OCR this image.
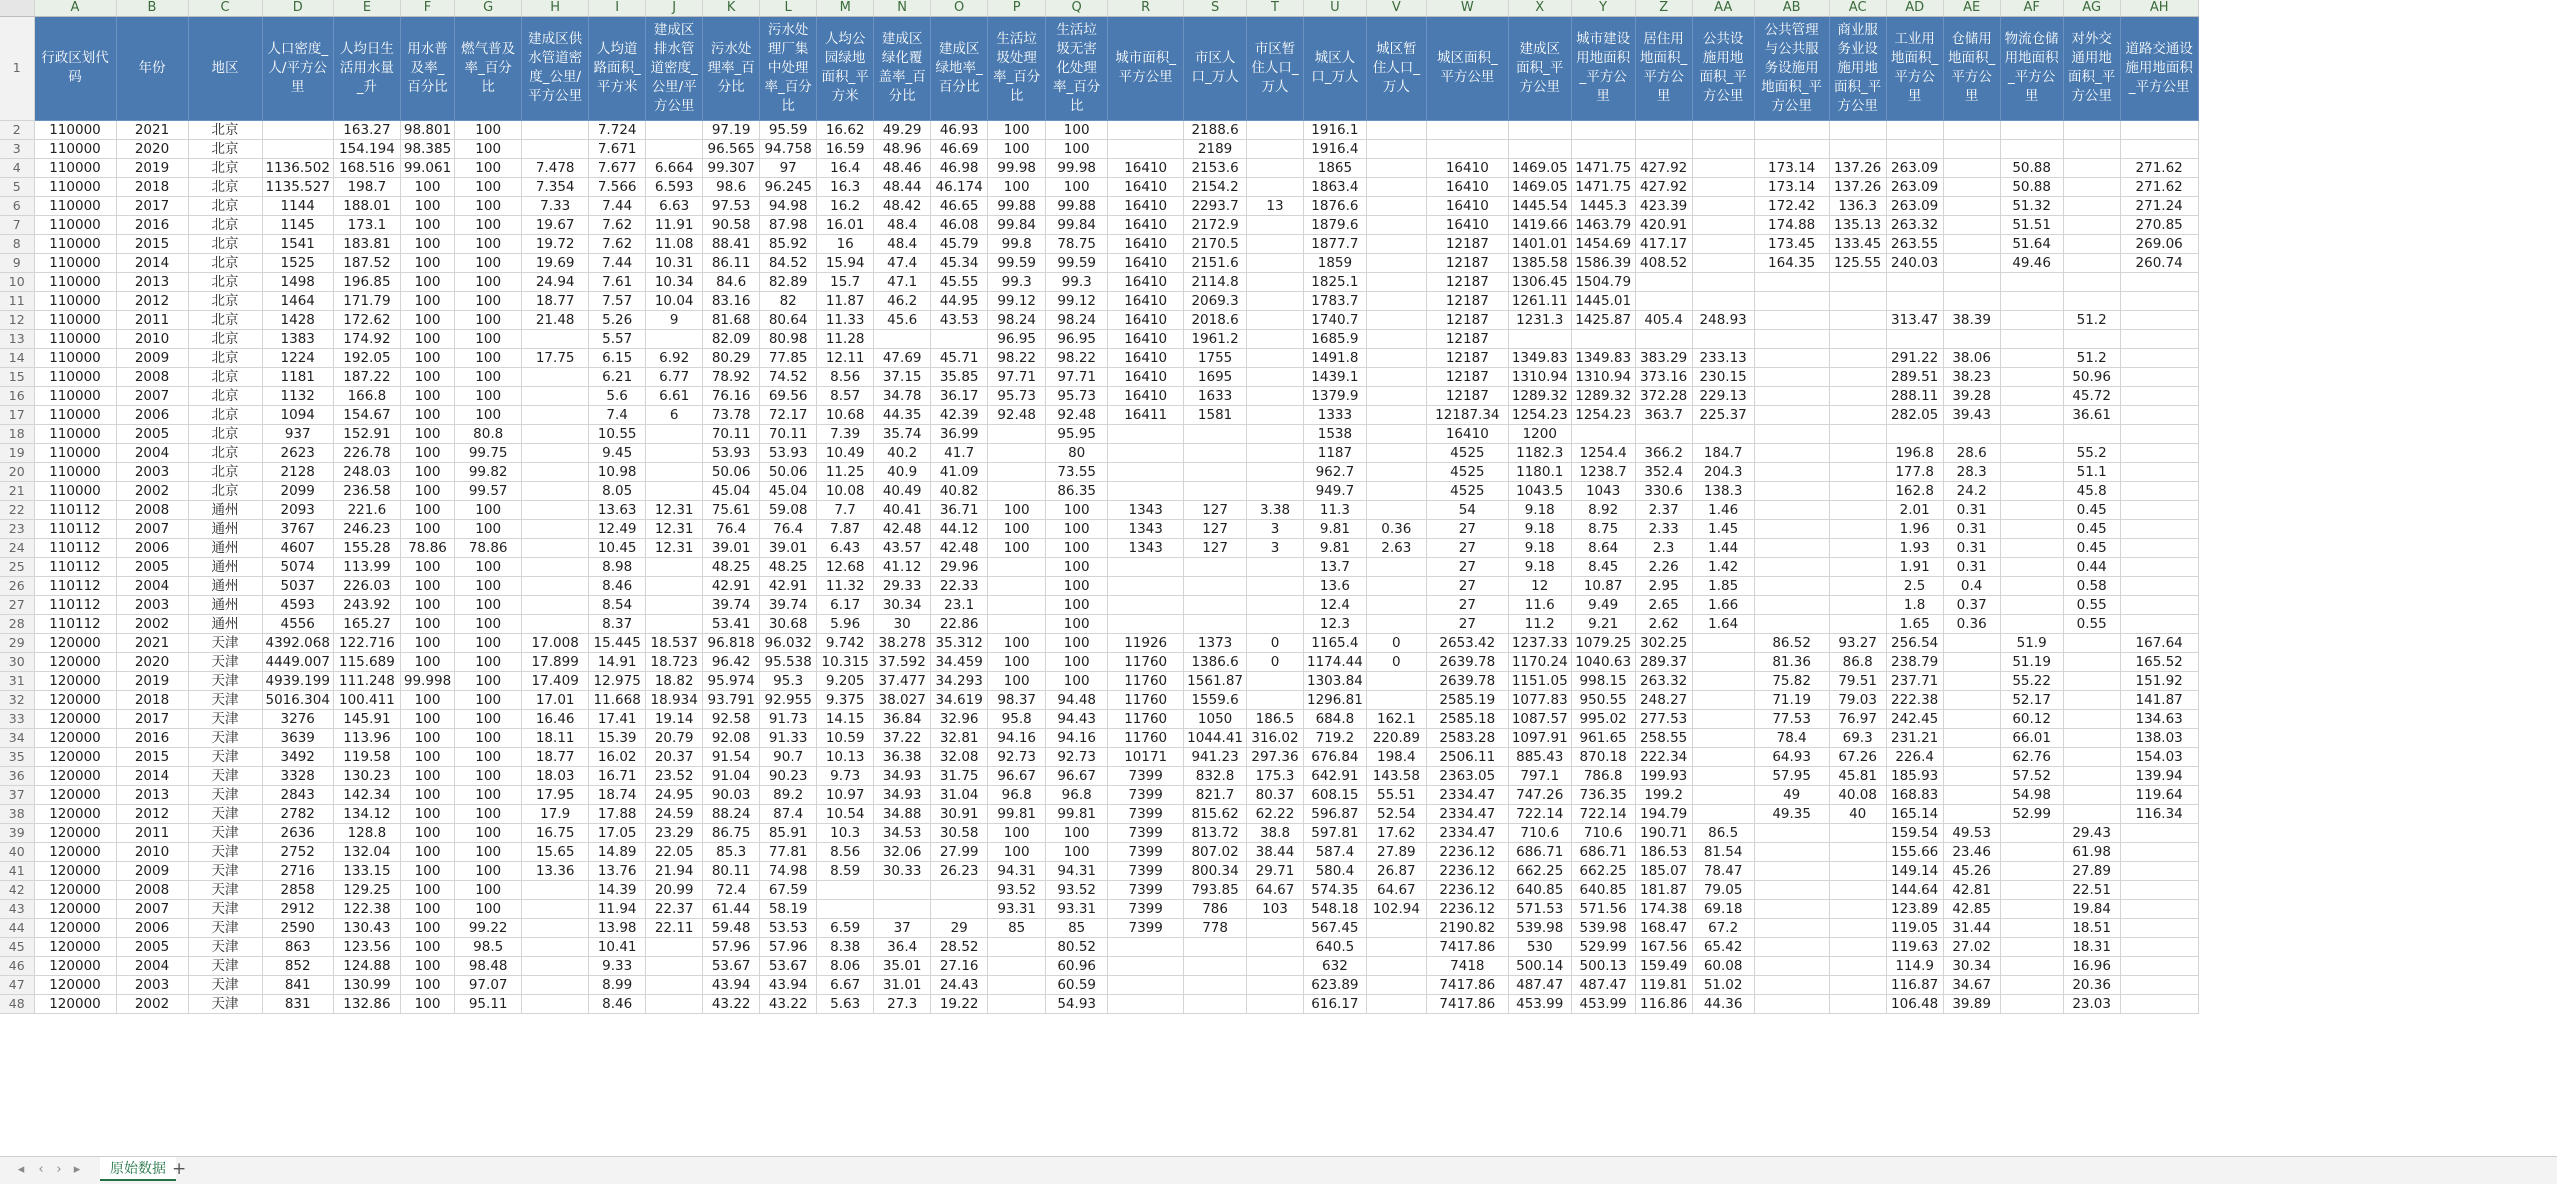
	A	B	C	D	E	F	G	H	I	J	K	L	M	N	O	P	Q	R	S	T	U	V	W	X	Y	Z	AA	AB	AC	AD	AE	AF	AG	AH
1	行政区划代码	年份	地区	人口密度_人/平方公里	人均日生活用水量_升	用水普及率_百分比	燃气普及率_百分比	建成区供水管道密度_公里/平方公里	人均道路面积_平方米	建成区排水管道密度_公里/平方公里	污水处理率_百分比	污水处理厂集中处理率_百分比	人均公园绿地面积_平方米	建成区绿化覆盖率_百分比	建成区绿地率_百分比	生活垃圾处理率_百分比	生活垃圾无害化处理率_百分比	城市面积_平方公里	市区人口_万人	市区暂住人口_万人	城区人口_万人	城区暂住人口_万人	城区面积_平方公里	建成区面积_平方公里	城市建设用地面积_平方公里	居住用地面积_平方公里	公共设施用地面积_平方公里	公共管理与公共服务设施用地面积_平方公里	商业服务业设施用地面积_平方公里	工业用地面积_平方公里	仓储用地面积_平方公里	物流仓储用地面积_平方公里	对外交通用地面积_平方公里	道路交通设施用地面积_平方公里
2	110000	2021	北京		163.27	98.801	100		7.724		97.19	95.59	16.62	49.29	46.93	100	100		2188.6		1916.1													
3	110000	2020	北京		154.194	98.385	100		7.671		96.565	94.758	16.59	48.96	46.69	100	100		2189		1916.4													
4	110000	2019	北京	1136.502	168.516	99.061	100	7.478	7.677	6.664	99.307	97	16.4	48.46	46.98	99.98	99.98	16410	2153.6		1865		16410	1469.05	1471.75	427.92		173.14	137.26	263.09		50.88		271.62
5	110000	2018	北京	1135.527	198.7	100	100	7.354	7.566	6.593	98.6	96.245	16.3	48.44	46.174	100	100	16410	2154.2		1863.4		16410	1469.05	1471.75	427.92		173.14	137.26	263.09		50.88		271.62
6	110000	2017	北京	1144	188.01	100	100	7.33	7.44	6.63	97.53	94.98	16.2	48.42	46.65	99.88	99.88	16410	2293.7	13	1876.6		16410	1445.54	1445.3	423.39		172.42	136.3	263.09		51.32		271.24
7	110000	2016	北京	1145	173.1	100	100	19.67	7.62	11.91	90.58	87.98	16.01	48.4	46.08	99.84	99.84	16410	2172.9		1879.6		16410	1419.66	1463.79	420.91		174.88	135.13	263.32		51.51		270.85
8	110000	2015	北京	1541	183.81	100	100	19.72	7.62	11.08	88.41	85.92	16	48.4	45.79	99.8	78.75	16410	2170.5		1877.7		12187	1401.01	1454.69	417.17		173.45	133.45	263.55		51.64		269.06
9	110000	2014	北京	1525	187.52	100	100	19.69	7.44	10.31	86.11	84.52	15.94	47.4	45.34	99.59	99.59	16410	2151.6		1859		12187	1385.58	1586.39	408.52		164.35	125.55	240.03		49.46		260.74
10	110000	2013	北京	1498	196.85	100	100	24.94	7.61	10.34	84.6	82.89	15.7	47.1	45.55	99.3	99.3	16410	2114.8		1825.1		12187	1306.45	1504.79									
11	110000	2012	北京	1464	171.79	100	100	18.77	7.57	10.04	83.16	82	11.87	46.2	44.95	99.12	99.12	16410	2069.3		1783.7		12187	1261.11	1445.01									
12	110000	2011	北京	1428	172.62	100	100	21.48	5.26	9	81.68	80.64	11.33	45.6	43.53	98.24	98.24	16410	2018.6		1740.7		12187	1231.3	1425.87	405.4	248.93			313.47	38.39		51.2	
13	110000	2010	北京	1383	174.92	100	100		5.57		82.09	80.98	11.28			96.95	96.95	16410	1961.2		1685.9		12187											
14	110000	2009	北京	1224	192.05	100	100	17.75	6.15	6.92	80.29	77.85	12.11	47.69	45.71	98.22	98.22	16410	1755		1491.8		12187	1349.83	1349.83	383.29	233.13			291.22	38.06		51.2	
15	110000	2008	北京	1181	187.22	100	100		6.21	6.77	78.92	74.52	8.56	37.15	35.85	97.71	97.71	16410	1695		1439.1		12187	1310.94	1310.94	373.16	230.15			289.51	38.23		50.96	
16	110000	2007	北京	1132	166.8	100	100		5.6	6.61	76.16	69.56	8.57	34.78	36.17	95.73	95.73	16410	1633		1379.9		12187	1289.32	1289.32	372.28	229.13			288.11	39.28		45.72	
17	110000	2006	北京	1094	154.67	100	100		7.4	6	73.78	72.17	10.68	44.35	42.39	92.48	92.48	16411	1581		1333		12187.34	1254.23	1254.23	363.7	225.37			282.05	39.43		36.61	
18	110000	2005	北京	937	152.91	100	80.8		10.55		70.11	70.11	7.39	35.74	36.99		95.95				1538		16410	1200										
19	110000	2004	北京	2623	226.78	100	99.75		9.45		53.93	53.93	10.49	40.2	41.7		80				1187		4525	1182.3	1254.4	366.2	184.7			196.8	28.6		55.2	
20	110000	2003	北京	2128	248.03	100	99.82		10.98		50.06	50.06	11.25	40.9	41.09		73.55				962.7		4525	1180.1	1238.7	352.4	204.3			177.8	28.3		51.1	
21	110000	2002	北京	2099	236.58	100	99.57		8.05		45.04	45.04	10.08	40.49	40.82		86.35				949.7		4525	1043.5	1043	330.6	138.3			162.8	24.2		45.8	
22	110112	2008	通州	2093	221.6	100	100		13.63	12.31	75.61	59.08	7.7	40.41	36.71	100	100	1343	127	3.38	11.3		54	9.18	8.92	2.37	1.46			2.01	0.31		0.45	
23	110112	2007	通州	3767	246.23	100	100		12.49	12.31	76.4	76.4	7.87	42.48	44.12	100	100	1343	127	3	9.81	0.36	27	9.18	8.75	2.33	1.45			1.96	0.31		0.45	
24	110112	2006	通州	4607	155.28	78.86	78.86		10.45	12.31	39.01	39.01	6.43	43.57	42.48	100	100	1343	127	3	9.81	2.63	27	9.18	8.64	2.3	1.44			1.93	0.31		0.45	
25	110112	2005	通州	5074	113.99	100	100		8.98		48.25	48.25	12.68	41.12	29.96		100				13.7		27	9.18	8.45	2.26	1.42			1.91	0.31		0.44	
26	110112	2004	通州	5037	226.03	100	100		8.46		42.91	42.91	11.32	29.33	22.33		100				13.6		27	12	10.87	2.95	1.85			2.5	0.4		0.58	
27	110112	2003	通州	4593	243.92	100	100		8.54		39.74	39.74	6.17	30.34	23.1		100				12.4		27	11.6	9.49	2.65	1.66			1.8	0.37		0.55	
28	110112	2002	通州	4556	165.27	100	100		8.37		53.41	30.68	5.96	30	22.86		100				12.3		27	11.2	9.21	2.62	1.64			1.65	0.36		0.55	
29	120000	2021	天津	4392.068	122.716	100	100	17.008	15.445	18.537	96.818	96.032	9.742	38.278	35.312	100	100	11926	1373	0	1165.4	0	2653.42	1237.33	1079.25	302.25		86.52	93.27	256.54		51.9		167.64
30	120000	2020	天津	4449.007	115.689	100	100	17.899	14.91	18.723	96.42	95.538	10.315	37.592	34.459	100	100	11760	1386.6	0	1174.44	0	2639.78	1170.24	1040.63	289.37		81.36	86.8	238.79		51.19		165.52
31	120000	2019	天津	4939.199	111.248	99.998	100	17.409	12.975	18.82	95.974	95.3	9.205	37.477	34.293	100	100	11760	1561.87		1303.84		2639.78	1151.05	998.15	263.32		75.82	79.51	237.71		55.22		151.92
32	120000	2018	天津	5016.304	100.411	100	100	17.01	11.668	18.934	93.791	92.955	9.375	38.027	34.619	98.37	94.48	11760	1559.6		1296.81		2585.19	1077.83	950.55	248.27		71.19	79.03	222.38		52.17		141.87
33	120000	2017	天津	3276	145.91	100	100	16.46	17.41	19.14	92.58	91.73	14.15	36.84	32.96	95.8	94.43	11760	1050	186.5	684.8	162.1	2585.18	1087.57	995.02	277.53		77.53	76.97	242.45		60.12		134.63
34	120000	2016	天津	3639	113.96	100	100	18.11	15.39	20.79	92.08	91.33	10.59	37.22	32.81	94.16	94.16	11760	1044.41	316.02	719.2	220.89	2583.28	1097.91	961.65	258.55		78.4	69.3	231.21		66.01		138.03
35	120000	2015	天津	3492	119.58	100	100	18.77	16.02	20.37	91.54	90.7	10.13	36.38	32.08	92.73	92.73	10171	941.23	297.36	676.84	198.4	2506.11	885.43	870.18	222.34		64.93	67.26	226.4		62.76		154.03
36	120000	2014	天津	3328	130.23	100	100	18.03	16.71	23.52	91.04	90.23	9.73	34.93	31.75	96.67	96.67	7399	832.8	175.3	642.91	143.58	2363.05	797.1	786.8	199.93		57.95	45.81	185.93		57.52		139.94
37	120000	2013	天津	2843	142.34	100	100	17.95	18.74	24.95	90.03	89.2	10.97	34.93	31.04	96.8	96.8	7399	821.7	80.37	608.15	55.51	2334.47	747.26	736.35	199.2		49	40.08	168.83		54.98		119.64
38	120000	2012	天津	2782	134.12	100	100	17.9	17.88	24.59	88.24	87.4	10.54	34.88	30.91	99.81	99.81	7399	815.62	62.22	596.87	52.54	2334.47	722.14	722.14	194.79		49.35	40	165.14		52.99		116.34
39	120000	2011	天津	2636	128.8	100	100	16.75	17.05	23.29	86.75	85.91	10.3	34.53	30.58	100	100	7399	813.72	38.8	597.81	17.62	2334.47	710.6	710.6	190.71	86.5			159.54	49.53		29.43	
40	120000	2010	天津	2752	132.04	100	100	15.65	14.89	22.05	85.3	77.81	8.56	32.06	27.99	100	100	7399	807.02	38.44	587.4	27.89	2236.12	686.71	686.71	186.53	81.54			155.66	23.46		61.98	
41	120000	2009	天津	2716	133.15	100	100	13.36	13.76	21.94	80.11	74.98	8.59	30.33	26.23	94.31	94.31	7399	800.34	29.71	580.4	26.87	2236.12	662.25	662.25	185.07	78.47			149.14	45.26		27.89	
42	120000	2008	天津	2858	129.25	100	100		14.39	20.99	72.4	67.59				93.52	93.52	7399	793.85	64.67	574.35	64.67	2236.12	640.85	640.85	181.87	79.05			144.64	42.81		22.51	
43	120000	2007	天津	2912	122.38	100	100		11.94	22.37	61.44	58.19				93.31	93.31	7399	786	103	548.18	102.94	2236.12	571.53	571.56	174.38	69.18			123.89	42.85		19.84	
44	120000	2006	天津	2590	130.43	100	99.22		13.98	22.11	59.48	53.53	6.59	37	29	85	85	7399	778		567.45		2190.82	539.98	539.98	168.47	67.2			119.05	31.44		18.51	
45	120000	2005	天津	863	123.56	100	98.5		10.41		57.96	57.96	8.38	36.4	28.52		80.52				640.5		7417.86	530	529.99	167.56	65.42			119.63	27.02		18.31	
46	120000	2004	天津	852	124.88	100	98.48		9.33		53.67	53.67	8.06	35.01	27.16		60.96				632		7418	500.14	500.13	159.49	60.08			114.9	30.34		16.96	
47	120000	2003	天津	841	130.99	100	97.07		8.99		43.94	43.94	6.67	31.01	24.43		60.59				623.89		7417.86	487.47	487.47	119.81	51.02			116.87	34.67		20.36	
48	120000	2002	天津	831	132.86	100	95.11		8.46		43.22	43.22	5.63	27.3	19.22		54.93				616.17		7417.86	453.99	453.99	116.86	44.36			106.48	39.89		23.03	
◂	‹ › ▸	原始数据 +
